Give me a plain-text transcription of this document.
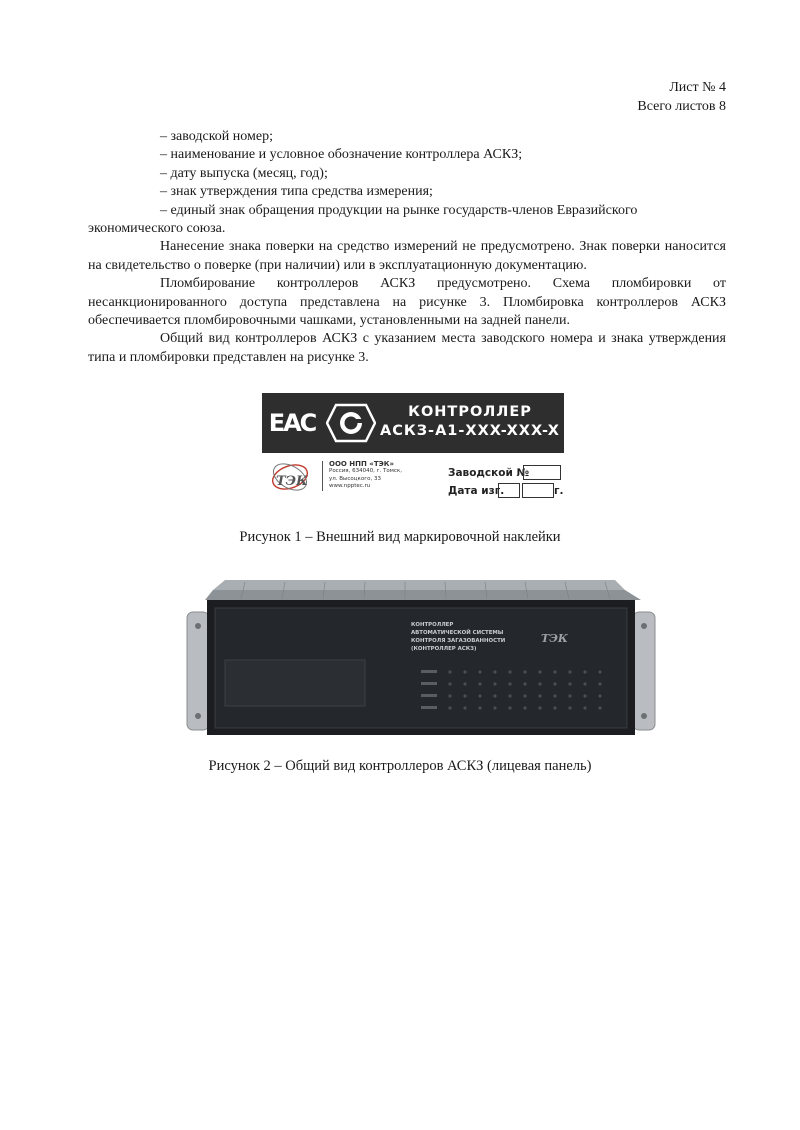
Лист № 4
Всего листов 8
– заводской номер;
– наименование и условное обозначение контроллера АСКЗ;
– дату выпуска (месяц, год);
– знак утверждения типа средства измерения;
– единый знак обращения продукции на рынке государств-членов Евразийского
экономического союза.
Нанесение знака поверки на средство измерений не предусмотрено. Знак поверки наносится на свидетельство о поверке (при наличии) или в эксплуатационную документацию.
Пломбирование контроллеров АСКЗ предусмотрено. Схема пломбировки от несанкционированного доступа представлена на рисунке 3. Пломбировка контроллеров АСКЗ обеспечивается пломбировочными чашками, установленными на задней панели.
Общий вид контроллеров АСКЗ с указанием места заводского номера и знака утверждения типа и пломбировки представлен на рисунке 3.
EAC	КОНТРОЛЛЕР
АСКЗ-А1-XXX-XXX-X
ТЭК
ООО НПП «ТЭК»
Россия, 634040, г. Томск,
ул. Высоцкого, 33
www.npptec.ru
Заводской №
Дата изг.	г.
Рисунок 1 – Внешний вид маркировочной наклейки
КОНТРОЛЛЕР
АВТОМАТИЧЕСКОЙ СИСТЕМЫ
КОНТРОЛЯ ЗАГАЗОВАННОСТИ
(КОНТРОЛЛЕР АСКЗ)
ТЭК
Рисунок 2 – Общий вид контроллеров АСКЗ (лицевая панель)
